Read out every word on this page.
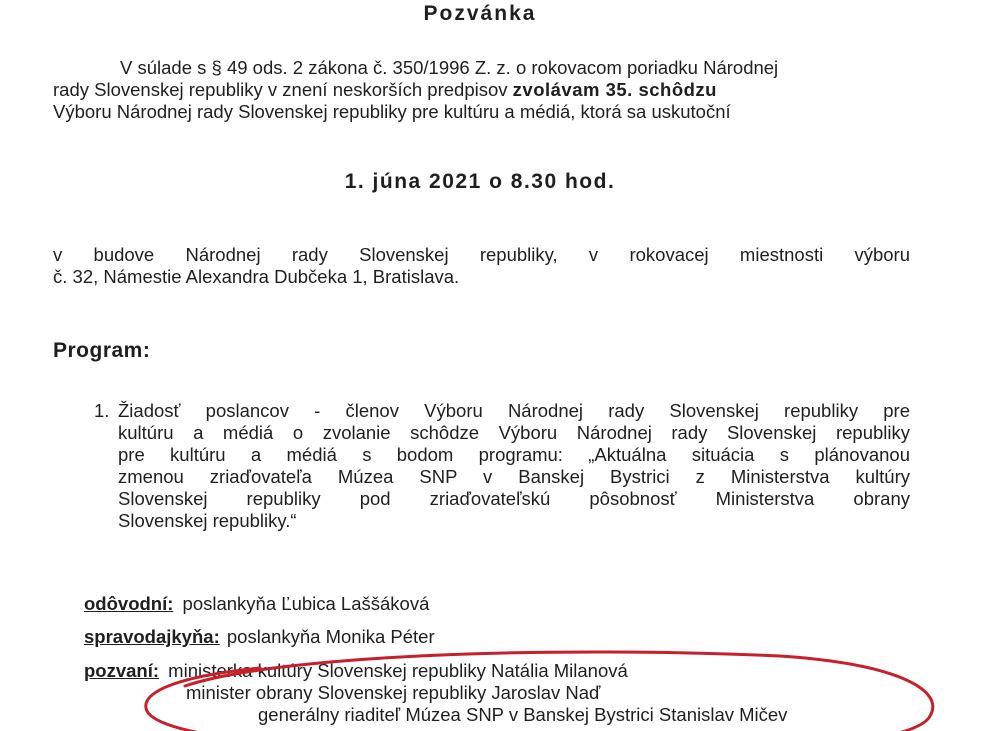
Pozvánka
V súlade s § 49 ods. 2 zákona č. 350/1996 Z. z. o rokovacom poriadku Národnej
rady Slovenskej republiky v znení neskorších predpisov zvolávam 35. schôdzu
Výboru Národnej rady Slovenskej republiky pre kultúru a médiá, ktorá sa uskutoční
1. júna 2021 o 8.30 hod.
v budove Národnej rady Slovenskej republiky, v rokovacej miestnosti výboru
č. 32, Námestie Alexandra Dubčeka 1, Bratislava.
Program:
1. Žiadosť poslancov - členov Výboru Národnej rady Slovenskej republiky pre
kultúru a médiá o zvolanie schôdze Výboru Národnej rady Slovenskej republiky
pre kultúru a médiá s bodom programu: „Aktuálna situácia s plánovanou
zmenou zriaďovateľa Múzea SNP v Banskej Bystrici z Ministerstva kultúry
Slovenskej republiky pod zriaďovateľskú pôsobnosť Ministerstva obrany
Slovenskej republiky.“
odôvodní: poslankyňa Ľubica Laššáková
spravodajkyňa: poslankyňa Monika Péter
pozvaní: ministerka kultúry Slovenskej republiky Natália Milanová
minister obrany Slovenskej republiky Jaroslav Naď
generálny riaditeľ Múzea SNP v Banskej Bystrici Stanislav Mičev
